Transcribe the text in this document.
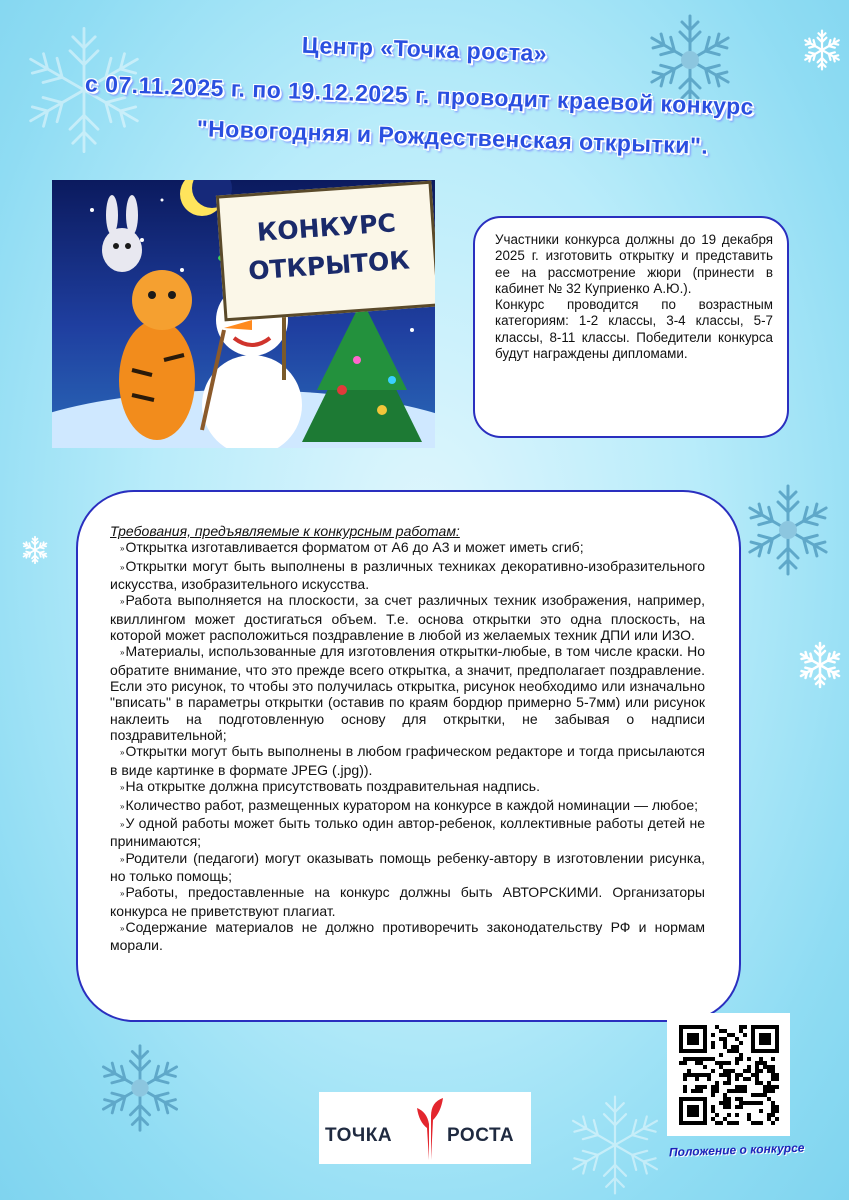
Центр «Точка роста»
с 07.11.2025 г. по 19.12.2025 г. проводит краевой конкурс
"Новогодняя и Рождественская открытки".
КОНКУРС
ОТКРЫТОК

Участники конкурса должны до 19 декабря 2025 г. изготовить открытку и представить ее на рассмотрение жюри (принести в кабинет № 32 Куприенко А.Ю.).

Конкурс проводится по возрастным категориям: 1-2 классы, 3-4 классы, 5-7 классы, 8-11 классы. Победители конкурса будут награждены дипломами.

Требования, предъявляемые к конкурсным работам:

»Открытка изготавливается форматом от А6 до А3 и может иметь сгиб;

»Открытки могут быть выполнены в различных техниках декоративно-изобразительного искусства, изобразительного искусства.

»Работа выполняется на плоскости, за счет различных техник изображения, например, квиллингом может достигаться объем. Т.е. основа открытки это одна плоскость, на которой может расположиться поздравление в любой из желаемых техник ДПИ или ИЗО.

»Материалы, использованные для изготовления открытки-любые, в том числе краски. Но обратите внимание, что это прежде всего открытка, а значит, предполагает поздравление. Если это рисунок, то чтобы это получилась открытка, рисунок необходимо или изначально "вписать" в параметры открытки (оставив по краям бордюр примерно 5-7мм) или рисунок наклеить на подготовленную основу для открытки, не забывая о надписи поздравительной;

»Открытки могут быть выполнены в любом графическом редакторе и тогда присылаются в виде картинке в формате JPEG (.jpg)).

»На открытке должна присутствовать поздравительная надпись.

»Количество работ, размещенных куратором на конкурсе в каждой номинации — любое;

»У одной работы может быть только один автор-ребенок, коллективные работы детей не принимаются;

»Родители (педагоги) могут оказывать помощь ребенку-автору в изготовлении рисунка, но только помощь;

»Работы, предоставленные на конкурс должны быть АВТОРСКИМИ. Организаторы конкурса не приветствуют плагиат.

»Содержание материалов не должно противоречить законодательству РФ и нормам морали.

ТОЧКА	РОСТА
Положение о конкурсе
